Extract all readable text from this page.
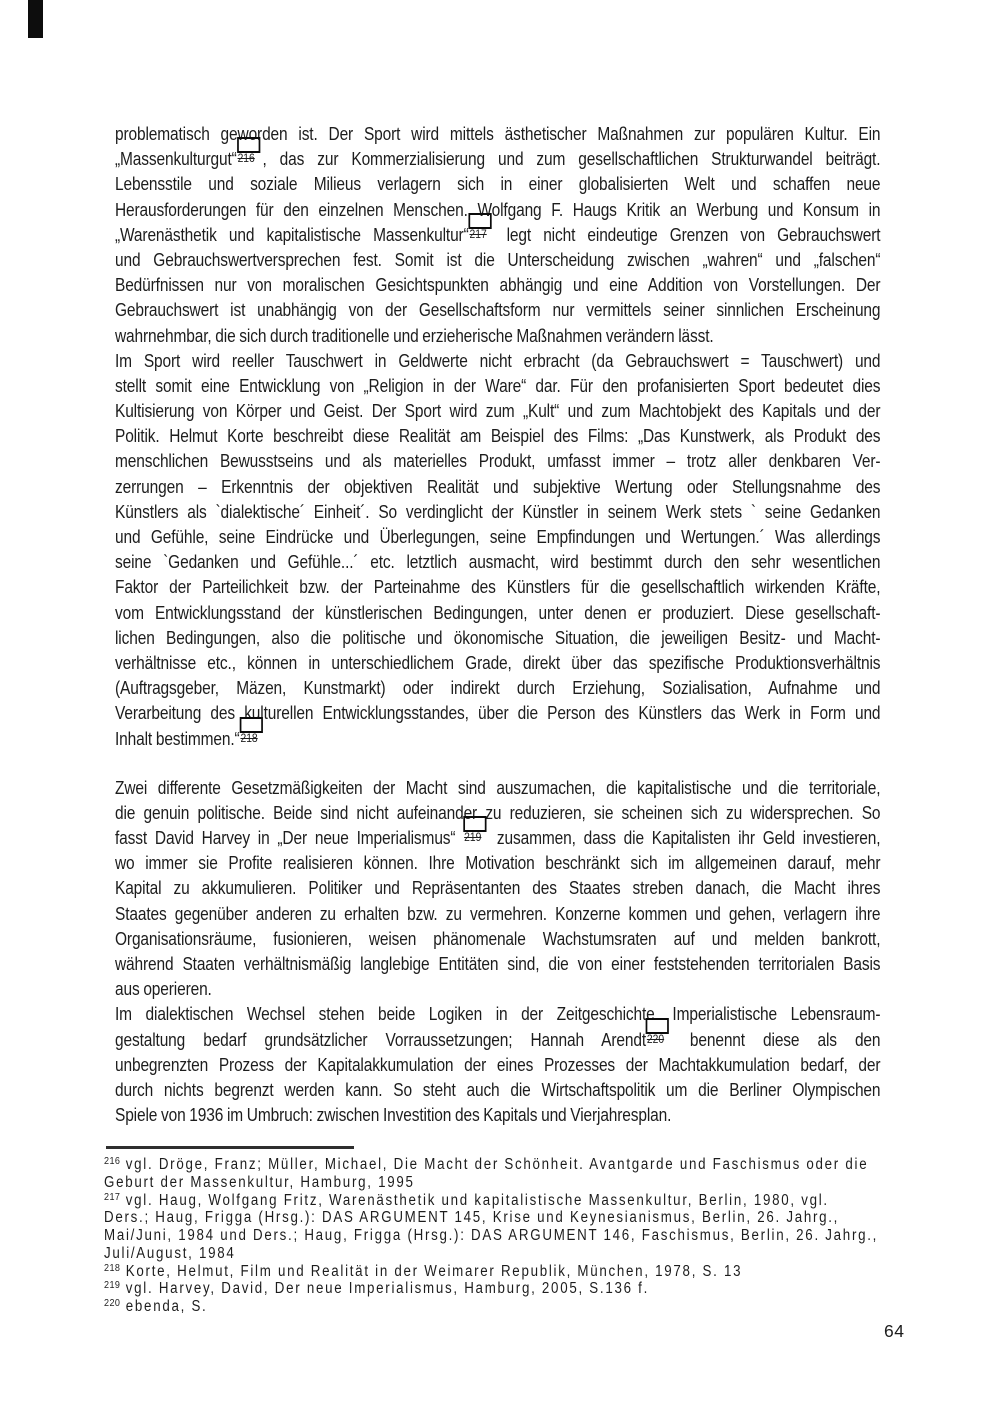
problematisch geworden ist. Der Sport wird mittels ästhetischer Maßnahmen zur populären Kultur. Ein
„Massenkulturgut“ 216 , das zur Kommerzialisierung und zum gesellschaftlichen Strukturwandel beiträgt.
Lebensstile und soziale Milieus verlagern sich in einer globalisierten Welt und schaffen neue
Herausforderungen für den einzelnen Menschen. Wolfgang F. Haugs Kritik an Werbung und Konsum in
„Warenästhetik und kapitalistische Massenkultur“ 217 legt nicht eindeutige Grenzen von Gebrauchswert
und Gebrauchswertversprechen fest. Somit ist die Unterscheidung zwischen „wahren“ und „falschen“
Bedürfnissen nur von moralischen Gesichtspunkten abhängig und eine Addition von Vorstellungen. Der
Gebrauchswert ist unabhängig von der Gesellschaftsform nur vermittels seiner sinnlichen Erscheinung
wahrnehmbar, die sich durch traditionelle und erzieherische Maßnahmen verändern lässt.
Im Sport wird reeller Tauschwert in Geldwerte nicht erbracht (da Gebrauchswert = Tauschwert) und
stellt somit eine Entwicklung von „Religion in der Ware“ dar. Für den profanisierten Sport bedeutet dies
Kultisierung von Körper und Geist. Der Sport wird zum „Kult“ und zum Machtobjekt des Kapitals und der
Politik. Helmut Korte beschreibt diese Realität am Beispiel des Films: „Das Kunstwerk, als Produkt des
menschlichen Bewusstseins und als materielles Produkt, umfasst immer – trotz aller denkbaren Ver-
zerrungen – Erkenntnis der objektiven Realität und subjektive Wertung oder Stellungsnahme des
Künstlers als `dialektische´ Einheit´. So verdinglicht der Künstler in seinem Werk stets ` seine Gedanken
und Gefühle, seine Eindrücke und Überlegungen, seine Empfindungen und Wertungen.´ Was allerdings
seine `Gedanken und Gefühle...´ etc. letztlich ausmacht, wird bestimmt durch den sehr wesentlichen
Faktor der Parteilichkeit bzw. der Parteinahme des Künstlers für die gesellschaftlich wirkenden Kräfte,
vom Entwicklungsstand der künstlerischen Bedingungen, unter denen er produziert. Diese gesellschaft-
lichen Bedingungen, also die politische und ökonomische Situation, die jeweiligen Besitz- und Macht-
verhältnisse etc., können in unterschiedlichem Grade, direkt über das spezifische Produktionsverhältnis
(Auftragsgeber, Mäzen, Kunstmarkt) oder indirekt durch Erziehung, Sozialisation, Aufnahme und
Verarbeitung des kulturellen Entwicklungsstandes, über die Person des Künstlers das Werk in Form und
Inhalt bestimmen.“ 218
Zwei differente Gesetzmäßigkeiten der Macht sind auszumachen, die kapitalistische und die territoriale,
die genuin politische. Beide sind nicht aufeinander zu reduzieren, sie scheinen sich zu widersprechen. So
fasst David Harvey in „Der neue Imperialismus“ 219 zusammen, dass die Kapitalisten ihr Geld investieren,
wo immer sie Profite realisieren können. Ihre Motivation beschränkt sich im allgemeinen darauf, mehr
Kapital zu akkumulieren. Politiker und Repräsentanten des Staates streben danach, die Macht ihres
Staates gegenüber anderen zu erhalten bzw. zu vermehren. Konzerne kommen und gehen, verlagern ihre
Organisationsräume, fusionieren, weisen phänomenale Wachstumsraten auf und melden bankrott,
während Staaten verhältnismäßig langlebige Entitäten sind, die von einer feststehenden territorialen Basis
aus operieren.
Im dialektischen Wechsel stehen beide Logiken in der Zeitgeschichte. Imperialistische Lebensraum-
gestaltung bedarf grundsätzlicher Vorraussetzungen; Hannah Arendt 220 benennt diese als den
unbegrenzten Prozess der Kapitalakkumulation der eines Prozesses der Machtakkumulation bedarf, der
durch nichts begrenzt werden kann. So steht auch die Wirtschaftspolitik um die Berliner Olympischen
Spiele von 1936 im Umbruch: zwischen Investition des Kapitals und Vierjahresplan.
$^{216}$ vgl. Dröge, Franz; Müller, Michael, Die Macht der Schönheit. Avantgarde und Faschismus oder die
Geburt der Massenkultur, Hamburg, 1995
$^{217}$ vgl. Haug, Wolfgang Fritz, Warenästhetik und kapitalistische Massenkultur, Berlin, 1980, vgl.
Ders.; Haug, Frigga (Hrsg.): DAS ARGUMENT 145, Krise und Keynesianismus, Berlin, 26. Jahrg.,
Mai/Juni, 1984 und Ders.; Haug, Frigga (Hrsg.): DAS ARGUMENT 146, Faschismus, Berlin, 26. Jahrg.,
Juli/August, 1984
$^{218}$ Korte, Helmut, Film und Realität in der Weimarer Republik, München, 1978, S. 13
$^{219}$ vgl. Harvey, David, Der neue Imperialismus, Hamburg, 2005, S.136 f.
$^{220}$ ebenda, S.
64
